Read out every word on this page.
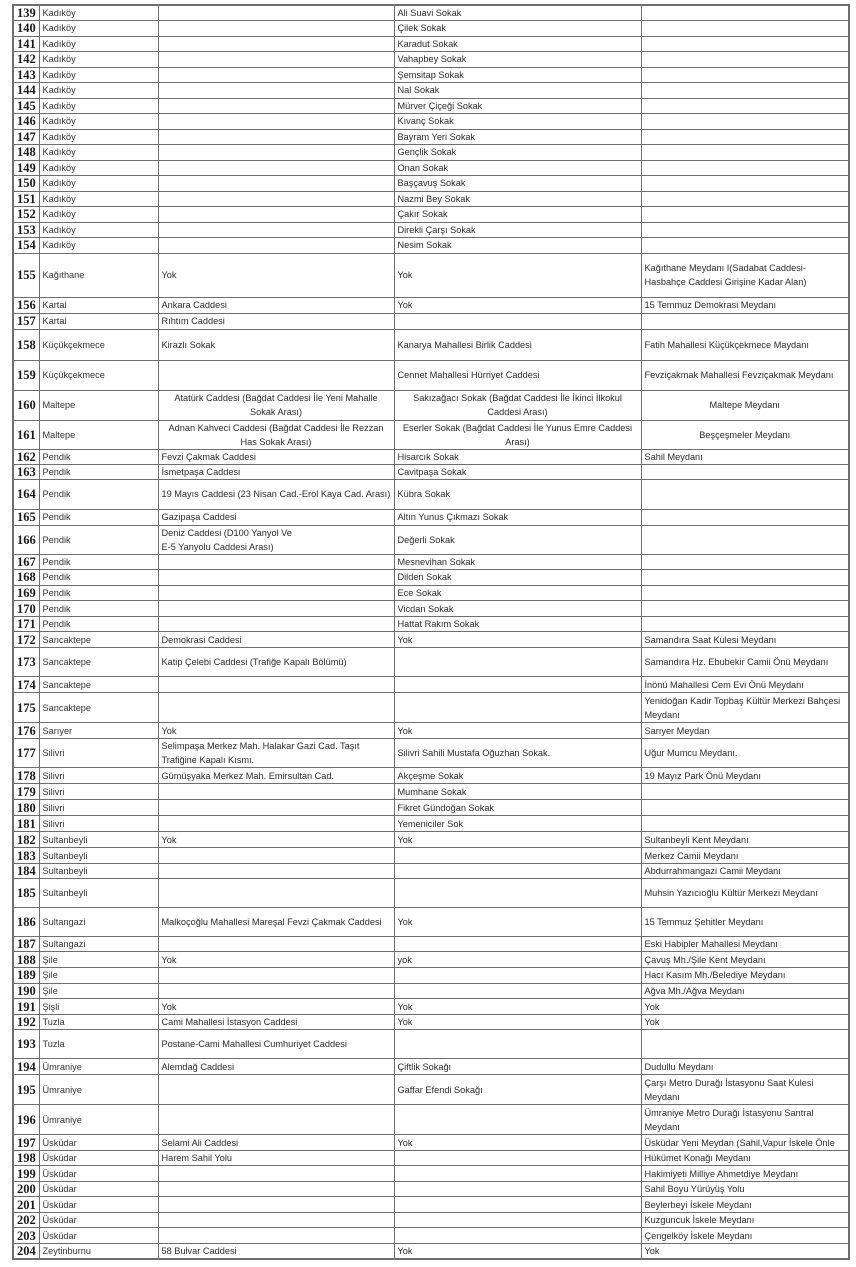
139	Kadıköy		Ali Suavi Sokak	
140	Kadıköy		Çilek Sokak	
141	Kadıköy		Karadut Sokak	
142	Kadıköy		Vahapbey Sokak	
143	Kadıköy		Şemsitap Sokak	
144	Kadıköy		Nal Sokak	
145	Kadıköy		Mürver Çiçeği Sokak	
146	Kadıköy		Kıvanç Sokak	
147	Kadıköy		Bayram Yeri Sokak	
148	Kadıköy		Gençlik Sokak	
149	Kadıköy		Onan Sokak	
150	Kadıköy		Başçavuş Sokak	
151	Kadıköy		Nazmi Bey Sokak	
152	Kadıköy		Çakır Sokak	
153	Kadıköy		Direkli Çarşı Sokak	
154	Kadıköy		Nesim Sokak	
155	Kağıthane	Yok	Yok	Kağıthane Meydanı I(Sadabat Caddesi-Hasbahçe Caddesi Girişine Kadar Alan)
156	Kartal	Ankara Caddesi	Yok	15 Temmuz Demokrasi Meydanı
157	Kartal	Rıhtım Caddesi		
158	Küçükçekmece	Kirazlı Sokak	Kanarya Mahallesi Birlik Caddesi	Fatih Mahallesi Küçükçekmece Maydanı
159	Küçükçekmece		Cennet Mahallesi Hürriyet Caddesi	Fevziçakmak Mahallesi Fevziçakmak Meydanı
160	Maltepe	Atatürk Caddesi (Bağdat Caddesi İle Yeni Mahalle Sokak Arası)	Sakızağacı Sokak (Bağdat Caddesi İle İkinci İlkokul Caddesi Arası)	Maltepe Meydanı
161	Maltepe	Adnan Kahveci Caddesi (Bağdat Caddesi İle Rezzan Has Sokak Arası)	Eserler Sokak (Bağdat Caddesi İle Yunus Emre Caddesi Arası)	Beşçeşmeler Meydanı
162	Pendik	Fevzi Çakmak Caddesi	Hisarcık Sokak	Sahil Meydanı
163	Pendik	İsmetpaşa Caddesi	Cavitpaşa Sokak	
164	Pendik	19 Mayıs Caddesi (23 Nisan Cad.-Erol Kaya Cad. Arası)	Kübra Sokak	
165	Pendik	Gazipaşa Caddesi	Altın Yunus Çıkmazı Sokak	
166	Pendik	Deniz Caddesi (D100 Yanyol Ve
E-5 Yanyolu Caddesi Arası)	Değerli Sokak	
167	Pendik		Mesnevihan Sokak	
168	Pendik		Dilden Sokak	
169	Pendik		Ece Sokak	
170	Pendik		Vicdan Sokak	
171	Pendik		Hattat Rakım Sokak	
172	Sancaktepe	Demokrasi Caddesi	Yok	Samandıra Saat Kulesi Meydanı
173	Sancaktepe	Katip Çelebi Caddesi (Trafiğe Kapalı Bölümü)		Samandıra Hz. Ebubekir Camii Önü Meydanı
174	Sancaktepe			İnönü Mahallesi Cem Evi Önü Meydanı
175	Sancaktepe			Yenidoğan Kadir Topbaş Kültür Merkezi Bahçesi Meydanı
176	Sarıyer	Yok	Yok	Sarıyer Meydan
177	Silivri	Selimpaşa Merkez Mah. Halakar Gazi Cad. Taşıt Trafiğine Kapalı Kısmı.	Silivri Sahili Mustafa Oğuzhan Sokak.	Uğur Mumcu Meydanı.
178	Silivri	Gümüşyaka Merkez Mah. Emirsultan Cad.	Akçeşme Sokak	19 Mayız Park Önü Meydanı
179	Silivri		Mumhane Sokak	
180	Silivri		Fikret Gündoğan Sokak	
181	Silivri		Yemeniciler Sok	
182	Sultanbeyli	Yok	Yok	Sultanbeyli Kent Meydanı
183	Sultanbeyli			Merkez Camii Meydanı
184	Sultanbeyli			Abdurrahmangazi Camii Meydanı
185	Sultanbeyli			Muhsin Yazıcıoğlu Kültür Merkezi Meydanı
186	Sultangazi	Malkoçoğlu Mahallesi Mareşal Fevzi Çakmak Caddesi	Yok	15 Temmuz Şehitler Meydanı
187	Sultangazi			Eski Habipler Mahallesi Meydanı
188	Şile	Yok	yok	Çavuş Mh./Şile Kent Meydanı
189	Şile			Hacı Kasım Mh./Belediye Meydanı
190	Şile			Ağva Mh./Ağva Meydanı
191	Şişli	Yok	Yok	Yok
192	Tuzla	Cami Mahallesi İstasyon Caddesi	Yok	Yok
193	Tuzla	Postane-Cami Mahallesi Cumhuriyet Caddesi		
194	Ümraniye	Alemdağ Caddesi	Çiftlik Sokağı	Dudullu Meydanı
195	Ümraniye		Gaffar Efendi Sokağı	Çarşı Metro Durağı İstasyonu Saat Kulesi Meydanı
196	Ümraniye			Ümraniye Metro Durağı İstasyonu Santral Meydanı
197	Üsküdar	Selami Ali Caddesi	Yok	Üsküdar Yeni Meydan (Sahil,Vapur İskele Önle
198	Üsküdar	Harem Sahil Yolu		Hükümet Konağı Meydanı
199	Üsküdar			Hakimiyeti Milliye Ahmetdiye Meydanı
200	Üsküdar			Sahil Boyu Yürüyüş Yolu
201	Üsküdar			Beylerbeyi İskele Meydanı
202	Üsküdar			Kuzguncuk İskele Meydanı
203	Üsküdar			Çengelköy İskele Meydanı
204	Zeytinburnu	58 Bulvar Caddesi	Yok	Yok
